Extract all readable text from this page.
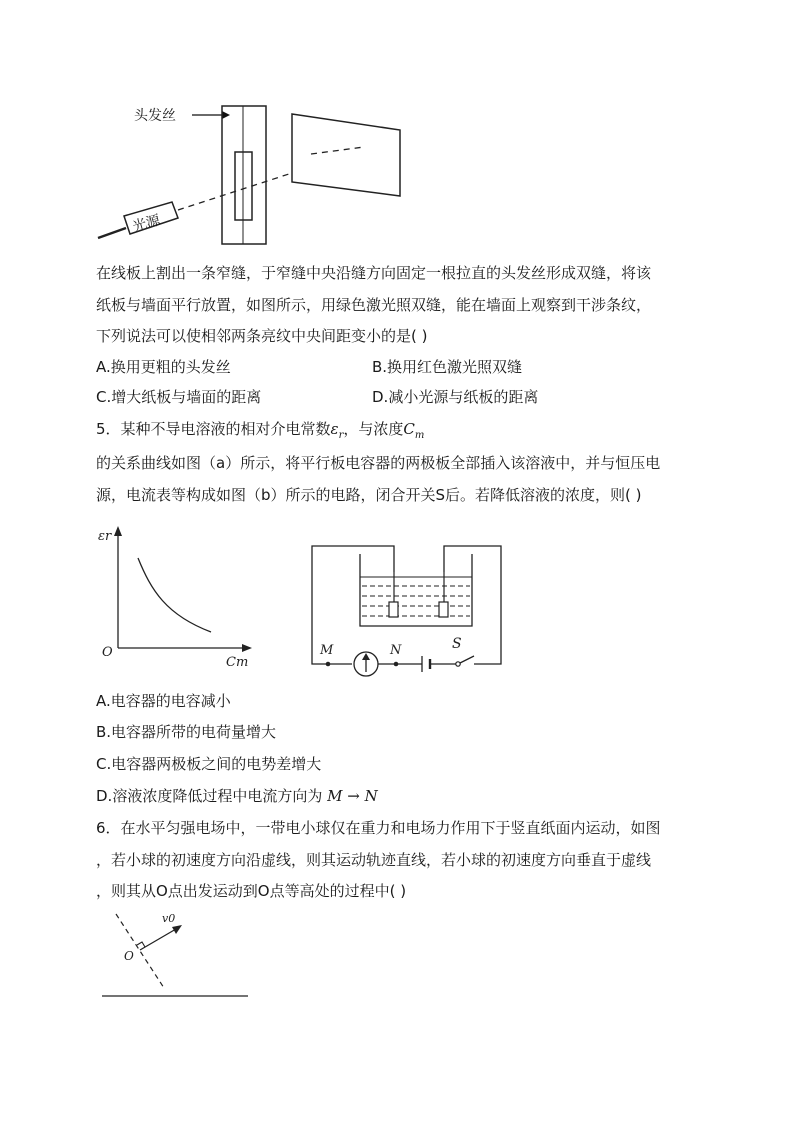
头发丝
光源
在线板上割出一条窄缝，于窄缝中央沿缝方向固定一根拉直的头发丝形成双缝，将该
纸板与墙面平行放置，如图所示，用绿色激光照双缝，能在墙面上观察到干涉条纹，
下列说法可以使相邻两条亮纹中央间距变小的是( )
A.换用更粗的头发丝	B.换用红色激光照双缝
C.增大纸板与墙面的距离	D.减小光源与纸板的距离
5．某种不导电溶液的相对介电常数$\varepsilon_r$，与浓度$C_m$
的关系曲线如图（a）所示，将平行板电容器的两极板全部插入该溶液中，并与恒压电
源，电流表等构成如图（b）所示的电路，闭合开关S后。若降低溶液的浓度，则( )
εr
O
Cm
M	N	S
A.电容器的电容减小
B.电容器所带的电荷量增大
C.电容器两极板之间的电势差增大
D.溶液浓度降低过程中电流方向为 M → N
6．在水平匀强电场中，一带电小球仅在重力和电场力作用下于竖直纸面内运动，如图
，若小球的初速度方向沿虚线，则其运动轨迹直线，若小球的初速度方向垂直于虚线
，则其从O点出发运动到O点等高处的过程中( )
v0
O
